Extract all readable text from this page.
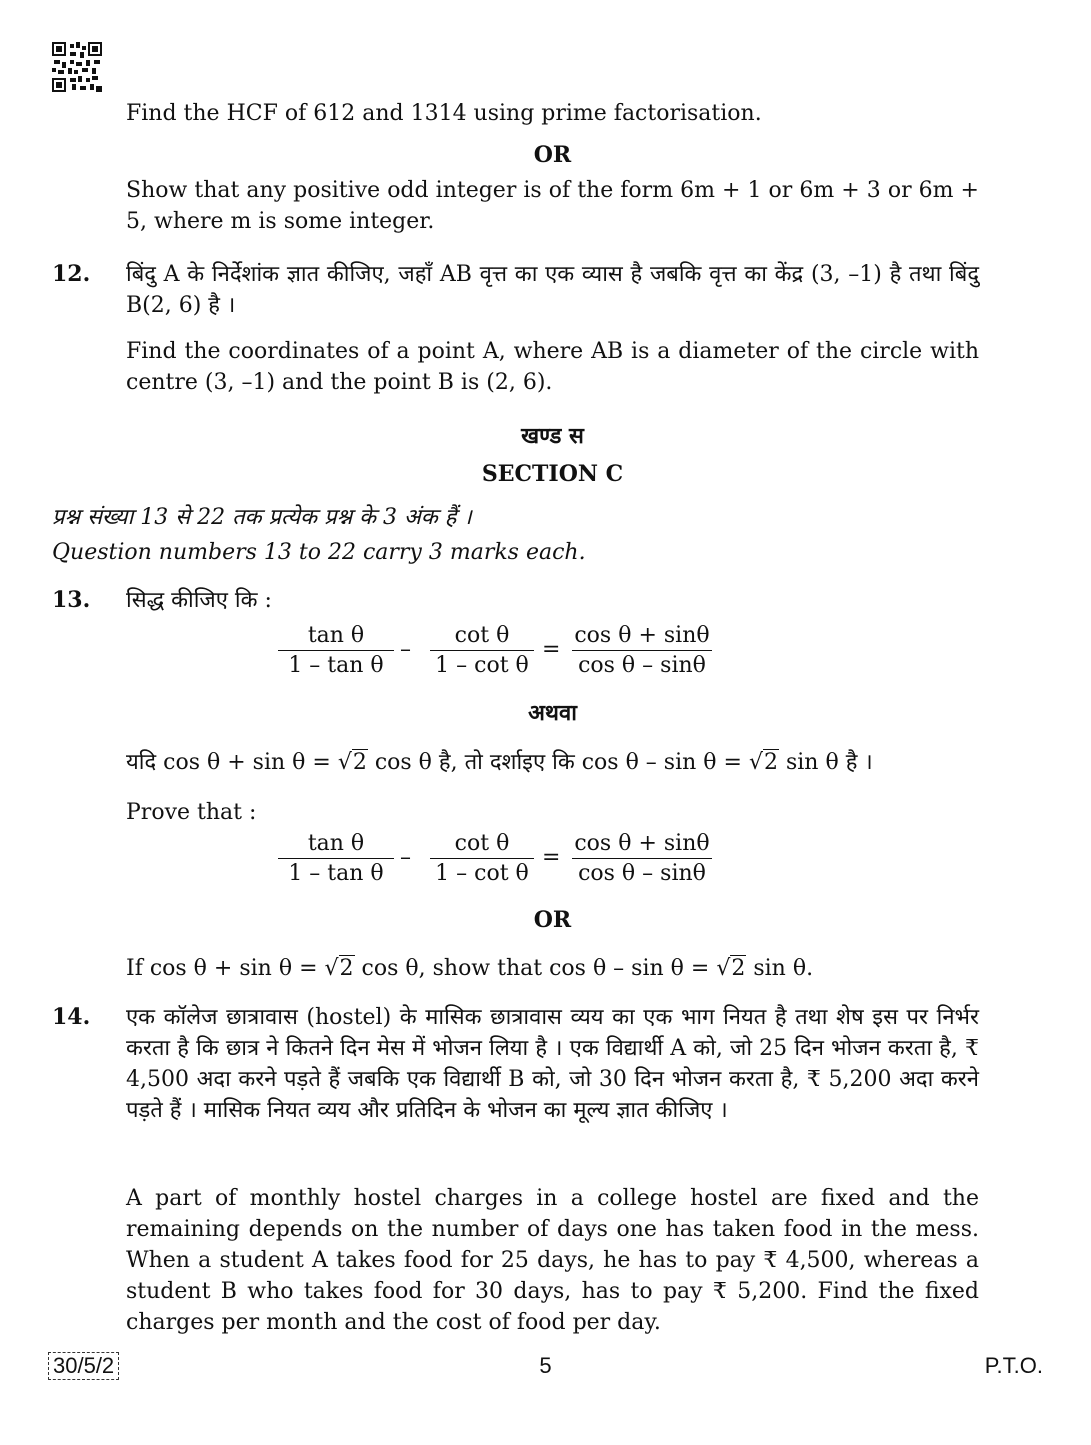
Find the HCF of 612 and 1314 using prime factorisation.
OR
Show that any positive odd integer is of the form 6m + 1 or 6m + 3 or 6m + 5, where m is some integer.
12. बिंदु A के निर्देशांक ज्ञात कीजिए, जहाँ AB वृत्त का एक व्यास है जबकि वृत्त का केंद्र (3, –1) है तथा बिंदु B(2, 6) है ।
Find the coordinates of a point A, where AB is a diameter of the circle with centre (3, –1) and the point B is (2, 6).
खण्ड स
SECTION C
प्रश्न संख्या 13 से 22 तक प्रत्येक प्रश्न के 3 अंक हैं ।
Question numbers 13 to 22 carry 3 marks each.
13. सिद्ध कीजिए कि :
$\frac{\text{tan θ}}{\text{1 – tan θ}} - \frac{\text{cot θ}}{\text{1 – cot θ}} = \frac{\text{cos θ + sinθ}}{\text{cos θ – sinθ}}$
अथवा
यदि cos θ + sin θ = √2 cos θ है, तो दर्शाइए कि cos θ – sin θ = √2 sin θ है ।
Prove that :
$\frac{\text{tan θ}}{\text{1 – tan θ}} - \frac{\text{cot θ}}{\text{1 – cot θ}} = \frac{\text{cos θ + sinθ}}{\text{cos θ – sinθ}}$
OR
If cos θ + sin θ = √2 cos θ, show that cos θ – sin θ = √2 sin θ.
14. एक कॉलेज छात्रावास (hostel) के मासिक छात्रावास व्यय का एक भाग नियत है तथा शेष इस पर निर्भर करता है कि छात्र ने कितने दिन मेस में भोजन लिया है । एक विद्यार्थी A को, जो 25 दिन भोजन करता है, ₹ 4,500 अदा करने पड़ते हैं जबकि एक विद्यार्थी B को, जो 30 दिन भोजन करता है, ₹ 5,200 अदा करने पड़ते हैं । मासिक नियत व्यय और प्रतिदिन के भोजन का मूल्य ज्ञात कीजिए ।
A part of monthly hostel charges in a college hostel are fixed and the remaining depends on the number of days one has taken food in the mess. When a student A takes food for 25 days, he has to pay ₹ 4,500, whereas a student B who takes food for 30 days, has to pay ₹ 5,200. Find the fixed charges per month and the cost of food per day.
30/5/2	5	P.T.O.
